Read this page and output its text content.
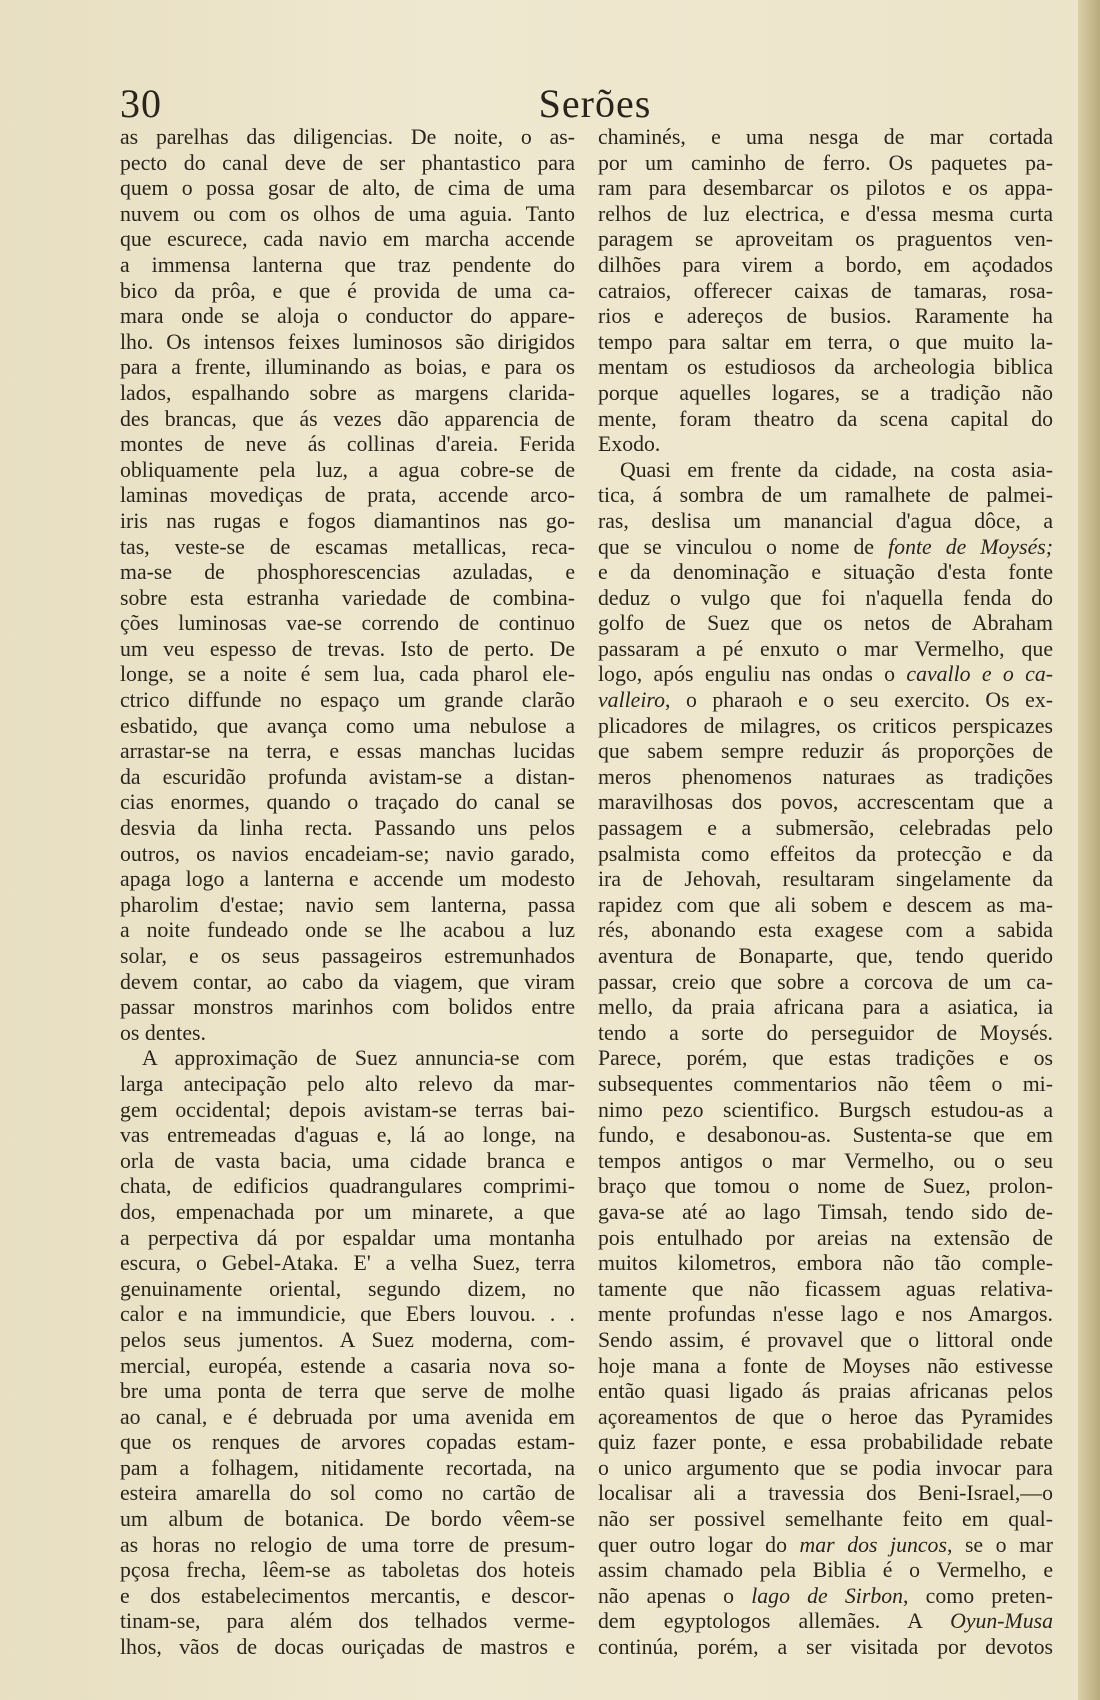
30	Serões
as parelhas das diligencias. De noite, o as-
pecto do canal deve de ser phantastico para
quem o possa gosar de alto, de cima de uma
nuvem ou com os olhos de uma aguia. Tanto
que escurece, cada navio em marcha accende
a immensa lanterna que traz pendente do
bico da prôa, e que é provida de uma ca-
mara onde se aloja o conductor do appare-
lho. Os intensos feixes luminosos são dirigidos
para a frente, illuminando as boias, e para os
lados, espalhando sobre as margens clarida-
des brancas, que ás vezes dão apparencia de
montes de neve ás collinas d'areia. Ferida
obliquamente pela luz, a agua cobre-se de
laminas movediças de prata, accende arco-
iris nas rugas e fogos diamantinos nas go-
tas, veste-se de escamas metallicas, reca-
ma-se de phosphorescencias azuladas, e
sobre esta estranha variedade de combina-
ções luminosas vae-se correndo de continuo
um veu espesso de trevas. Isto de perto. De
longe, se a noite é sem lua, cada pharol ele-
ctrico diffunde no espaço um grande clarão
esbatido, que avança como uma nebulose a
arrastar-se na terra, e essas manchas lucidas
da escuridão profunda avistam-se a distan-
cias enormes, quando o traçado do canal se
desvia da linha recta. Passando uns pelos
outros, os navios encadeiam-se; navio garado,
apaga logo a lanterna e accende um modesto
pharolim d'estae; navio sem lanterna, passa
a noite fundeado onde se lhe acabou a luz
solar, e os seus passageiros estremunhados
devem contar, ao cabo da viagem, que viram
passar monstros marinhos com bolidos entre
os dentes.
A approximação de Suez annuncia-se com
larga antecipação pelo alto relevo da mar-
gem occidental; depois avistam-se terras bai-
vas entremeadas d'aguas e, lá ao longe, na
orla de vasta bacia, uma cidade branca e
chata, de edificios quadrangulares comprimi-
dos, empenachada por um minarete, a que
a perpectiva dá por espaldar uma montanha
escura, o Gebel-Ataka. E' a velha Suez, terra
genuinamente oriental, segundo dizem, no
calor e na immundicie, que Ebers louvou. . .
pelos seus jumentos. A Suez moderna, com-
mercial, européa, estende a casaria nova so-
bre uma ponta de terra que serve de molhe
ao canal, e é debruada por uma avenida em
que os renques de arvores copadas estam-
pam a folhagem, nitidamente recortada, na
esteira amarella do sol como no cartão de
um album de botanica. De bordo vêem-se
as horas no relogio de uma torre de presum-
pçosa frecha, lêem-se as taboletas dos hoteis
e dos estabelecimentos mercantis, e descor-
tinam-se, para além dos telhados verme-
lhos, vãos de docas ouriçadas de mastros e
chaminés, e uma nesga de mar cortada
por um caminho de ferro. Os paquetes pa-
ram para desembarcar os pilotos e os appa-
relhos de luz electrica, e d'essa mesma curta
paragem se aproveitam os praguentos ven-
dilhões para virem a bordo, em açodados
catraios, offerecer caixas de tamaras, rosa-
rios e adereços de busios. Raramente ha
tempo para saltar em terra, o que muito la-
mentam os estudiosos da archeologia biblica
porque aquelles logares, se a tradição não
mente, foram theatro da scena capital do
Exodo.
Quasi em frente da cidade, na costa asia-
tica, á sombra de um ramalhete de palmei-
ras, deslisa um manancial d'agua dôce, a
que se vinculou o nome de fonte de Moysés;
e da denominação e situação d'esta fonte
deduz o vulgo que foi n'aquella fenda do
golfo de Suez que os netos de Abraham
passaram a pé enxuto o mar Vermelho, que
logo, após enguliu nas ondas o cavallo e o ca-
valleiro, o pharaoh e o seu exercito. Os ex-
plicadores de milagres, os criticos perspicazes
que sabem sempre reduzir ás proporções de
meros phenomenos naturaes as tradições
maravilhosas dos povos, accrescentam que a
passagem e a submersão, celebradas pelo
psalmista como effeitos da protecção e da
ira de Jehovah, resultaram singelamente da
rapidez com que ali sobem e descem as ma-
rés, abonando esta exagese com a sabida
aventura de Bonaparte, que, tendo querido
passar, creio que sobre a corcova de um ca-
mello, da praia africana para a asiatica, ia
tendo a sorte do perseguidor de Moysés.
Parece, porém, que estas tradições e os
subsequentes commentarios não têem o mi-
nimo pezo scientifico. Burgsch estudou-as a
fundo, e desabonou-as. Sustenta-se que em
tempos antigos o mar Vermelho, ou o seu
braço que tomou o nome de Suez, prolon-
gava-se até ao lago Timsah, tendo sido de-
pois entulhado por areias na extensão de
muitos kilometros, embora não tão comple-
tamente que não ficassem aguas relativa-
mente profundas n'esse lago e nos Amargos.
Sendo assim, é provavel que o littoral onde
hoje mana a fonte de Moyses não estivesse
então quasi ligado ás praias africanas pelos
açoreamentos de que o heroe das Pyramides
quiz fazer ponte, e essa probabilidade rebate
o unico argumento que se podia invocar para
localisar ali a travessia dos Beni-Israel,—o
não ser possivel semelhante feito em qual-
quer outro logar do mar dos juncos, se o mar
assim chamado pela Biblia é o Vermelho, e
não apenas o lago de Sirbon, como preten-
dem egyptologos allemães. A Oyun-Musa
continúa, porém, a ser visitada por devotos
